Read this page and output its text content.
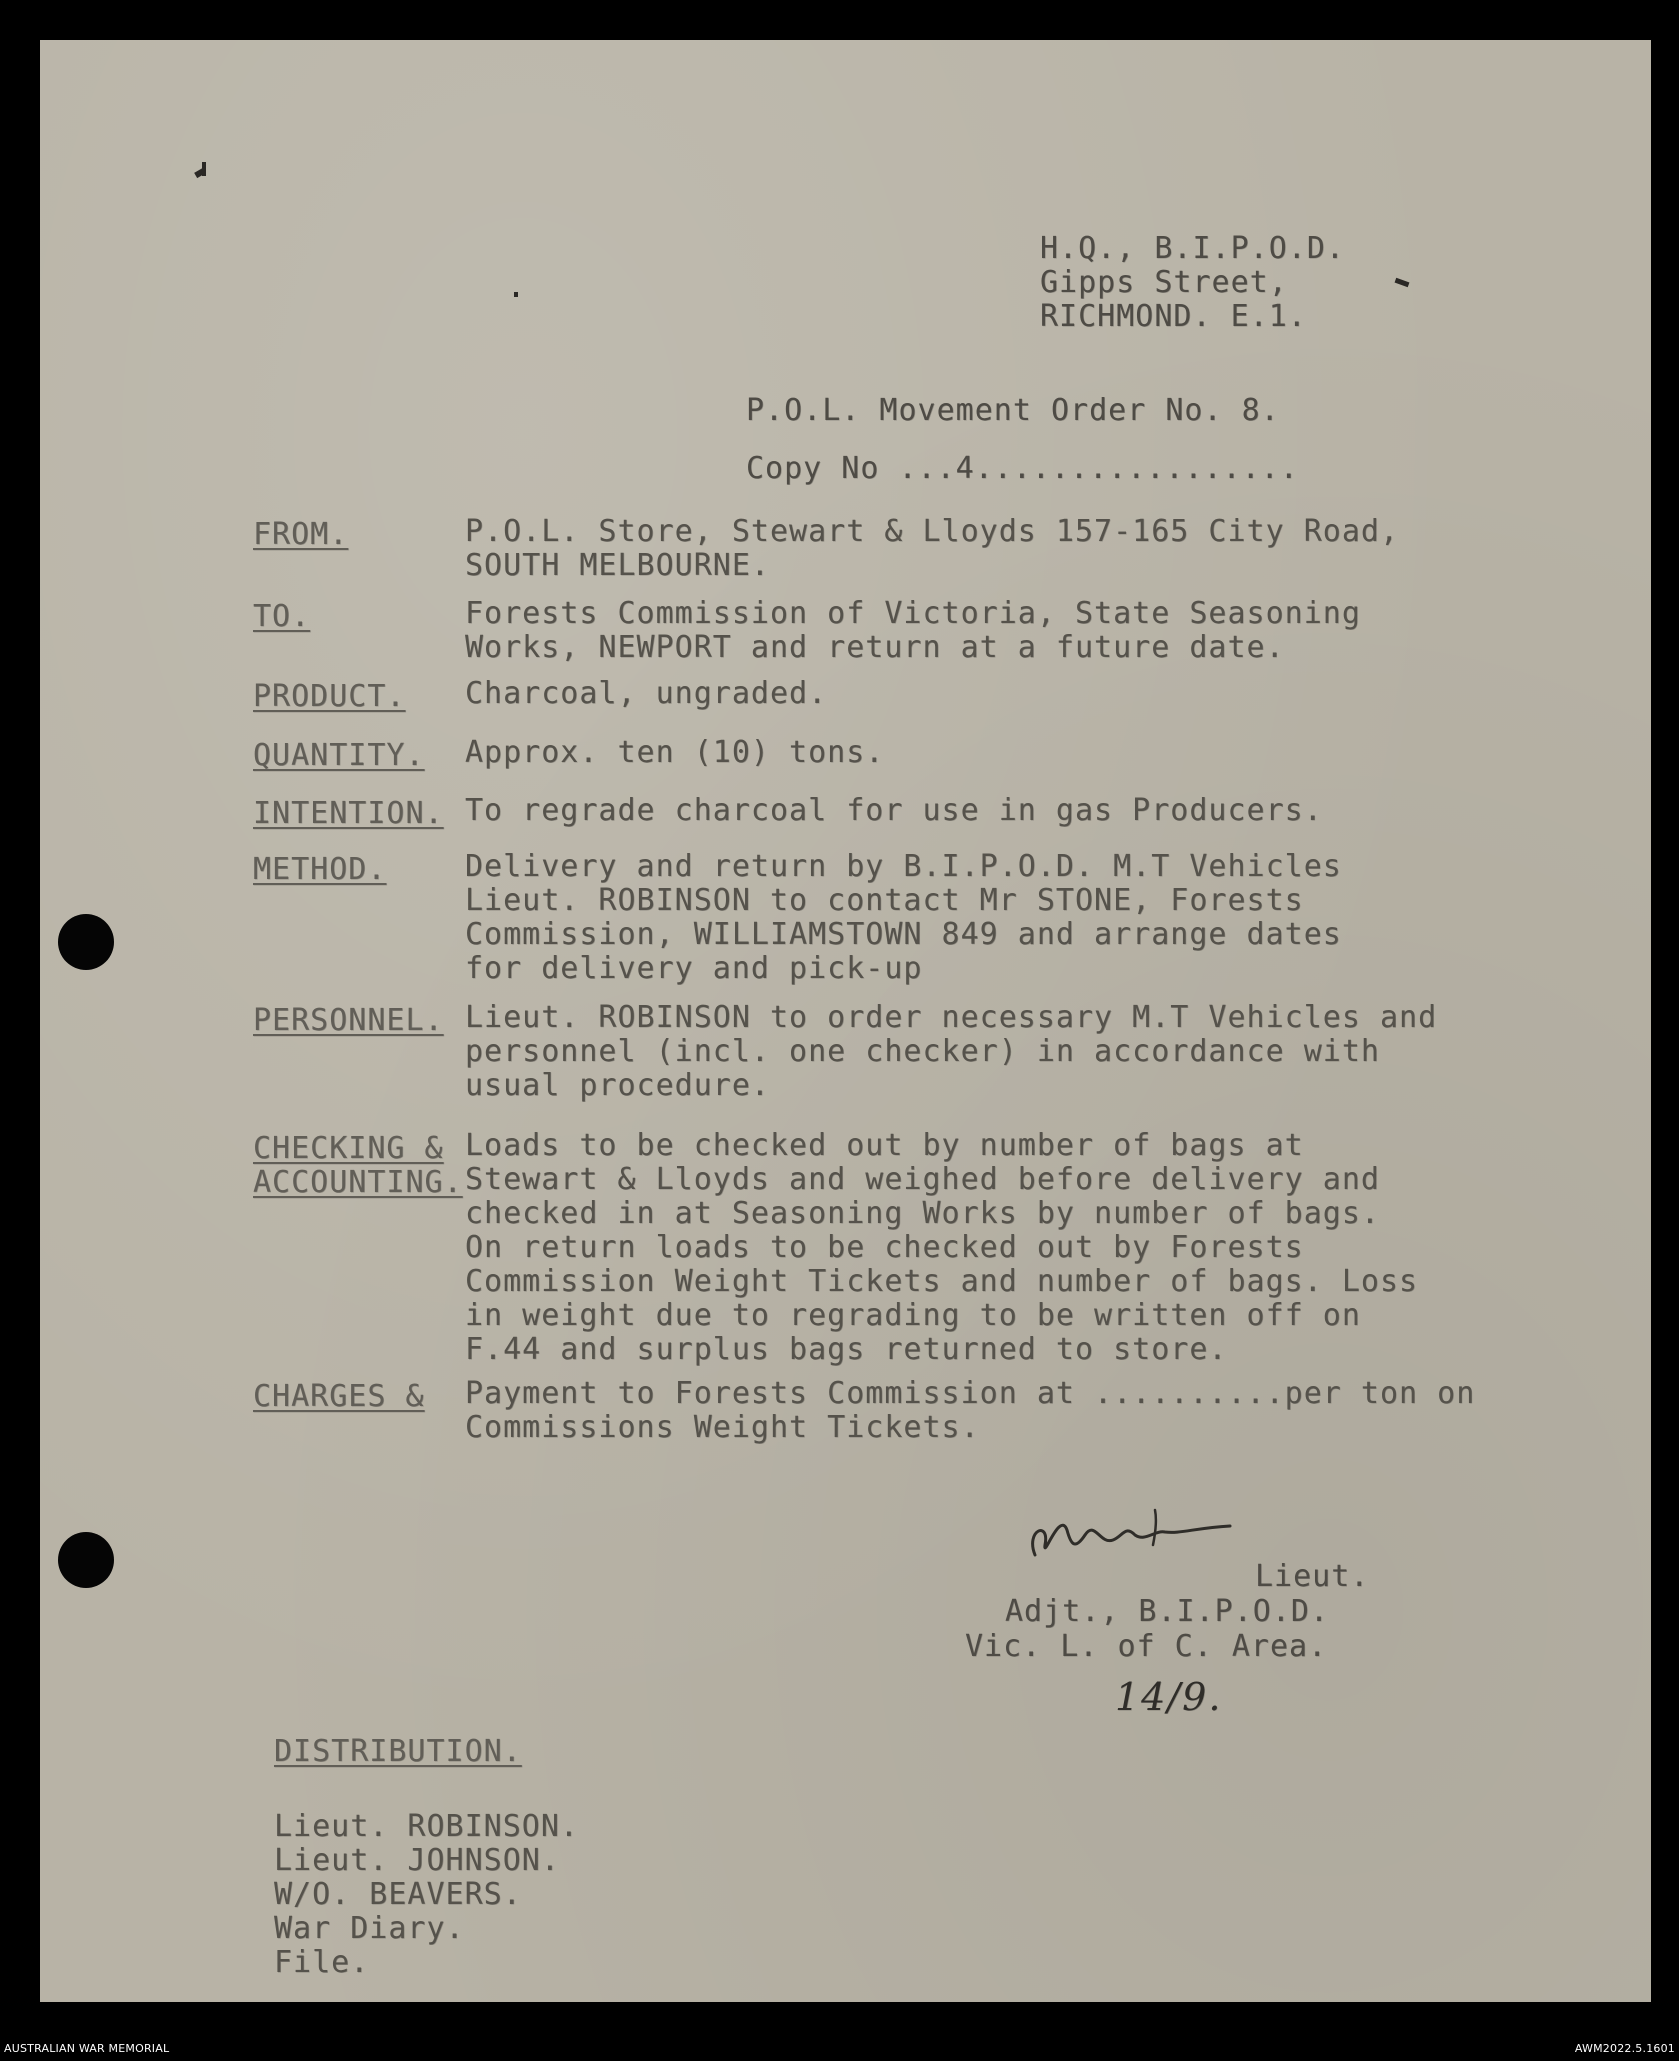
H.Q., B.I.P.O.D.

Gipps Street,

RICHMOND. E.1.

P.O.L. Movement Order No. 8.

Copy No ...4.................

FROM.	P.O.L. Store, Stewart & Lloyds 157-165 City Road,
SOUTH MELBOURNE.

TO.	Forests Commission of Victoria, State Seasoning
Works, NEWPORT and return at a future date.

PRODUCT. Charcoal, ungraded.

QUANTITY. Approx. ten (10) tons.

INTENTION. To regrade charcoal for use in gas Producers.

METHOD.	Delivery and return by B.I.P.O.D. M.T Vehicles
Lieut. ROBINSON to contact Mr STONE, Forests
Commission, WILLIAMSTOWN 849 and arrange dates
for delivery and pick-up

PERSONNEL. Lieut. ROBINSON to order necessary M.T Vehicles and
personnel (incl. one checker) in accordance with
usual procedure.

CHECKING &
ACCOUNTING.

Loads to be checked out by number of bags at
Stewart & Lloyds and weighed before delivery and
checked in at Seasoning Works by number of bags.
On return loads to be checked out by Forests
Commission Weight Tickets and number of bags. Loss
in weight due to regrading to be written off on
F.44 and surplus bags returned to store.

CHARGES & Payment to Forests Commission at ..........per ton on
Commissions Weight Tickets.

Lieut.

Adjt., B.I.P.O.D.

Vic. L. of C. Area.

14/9.

DISTRIBUTION.

Lieut. ROBINSON.

Lieut. JOHNSON.

W/O. BEAVERS.

War Diary.

File.

AUSTRALIAN WAR MEMORIAL	AWM2022.5.1601
